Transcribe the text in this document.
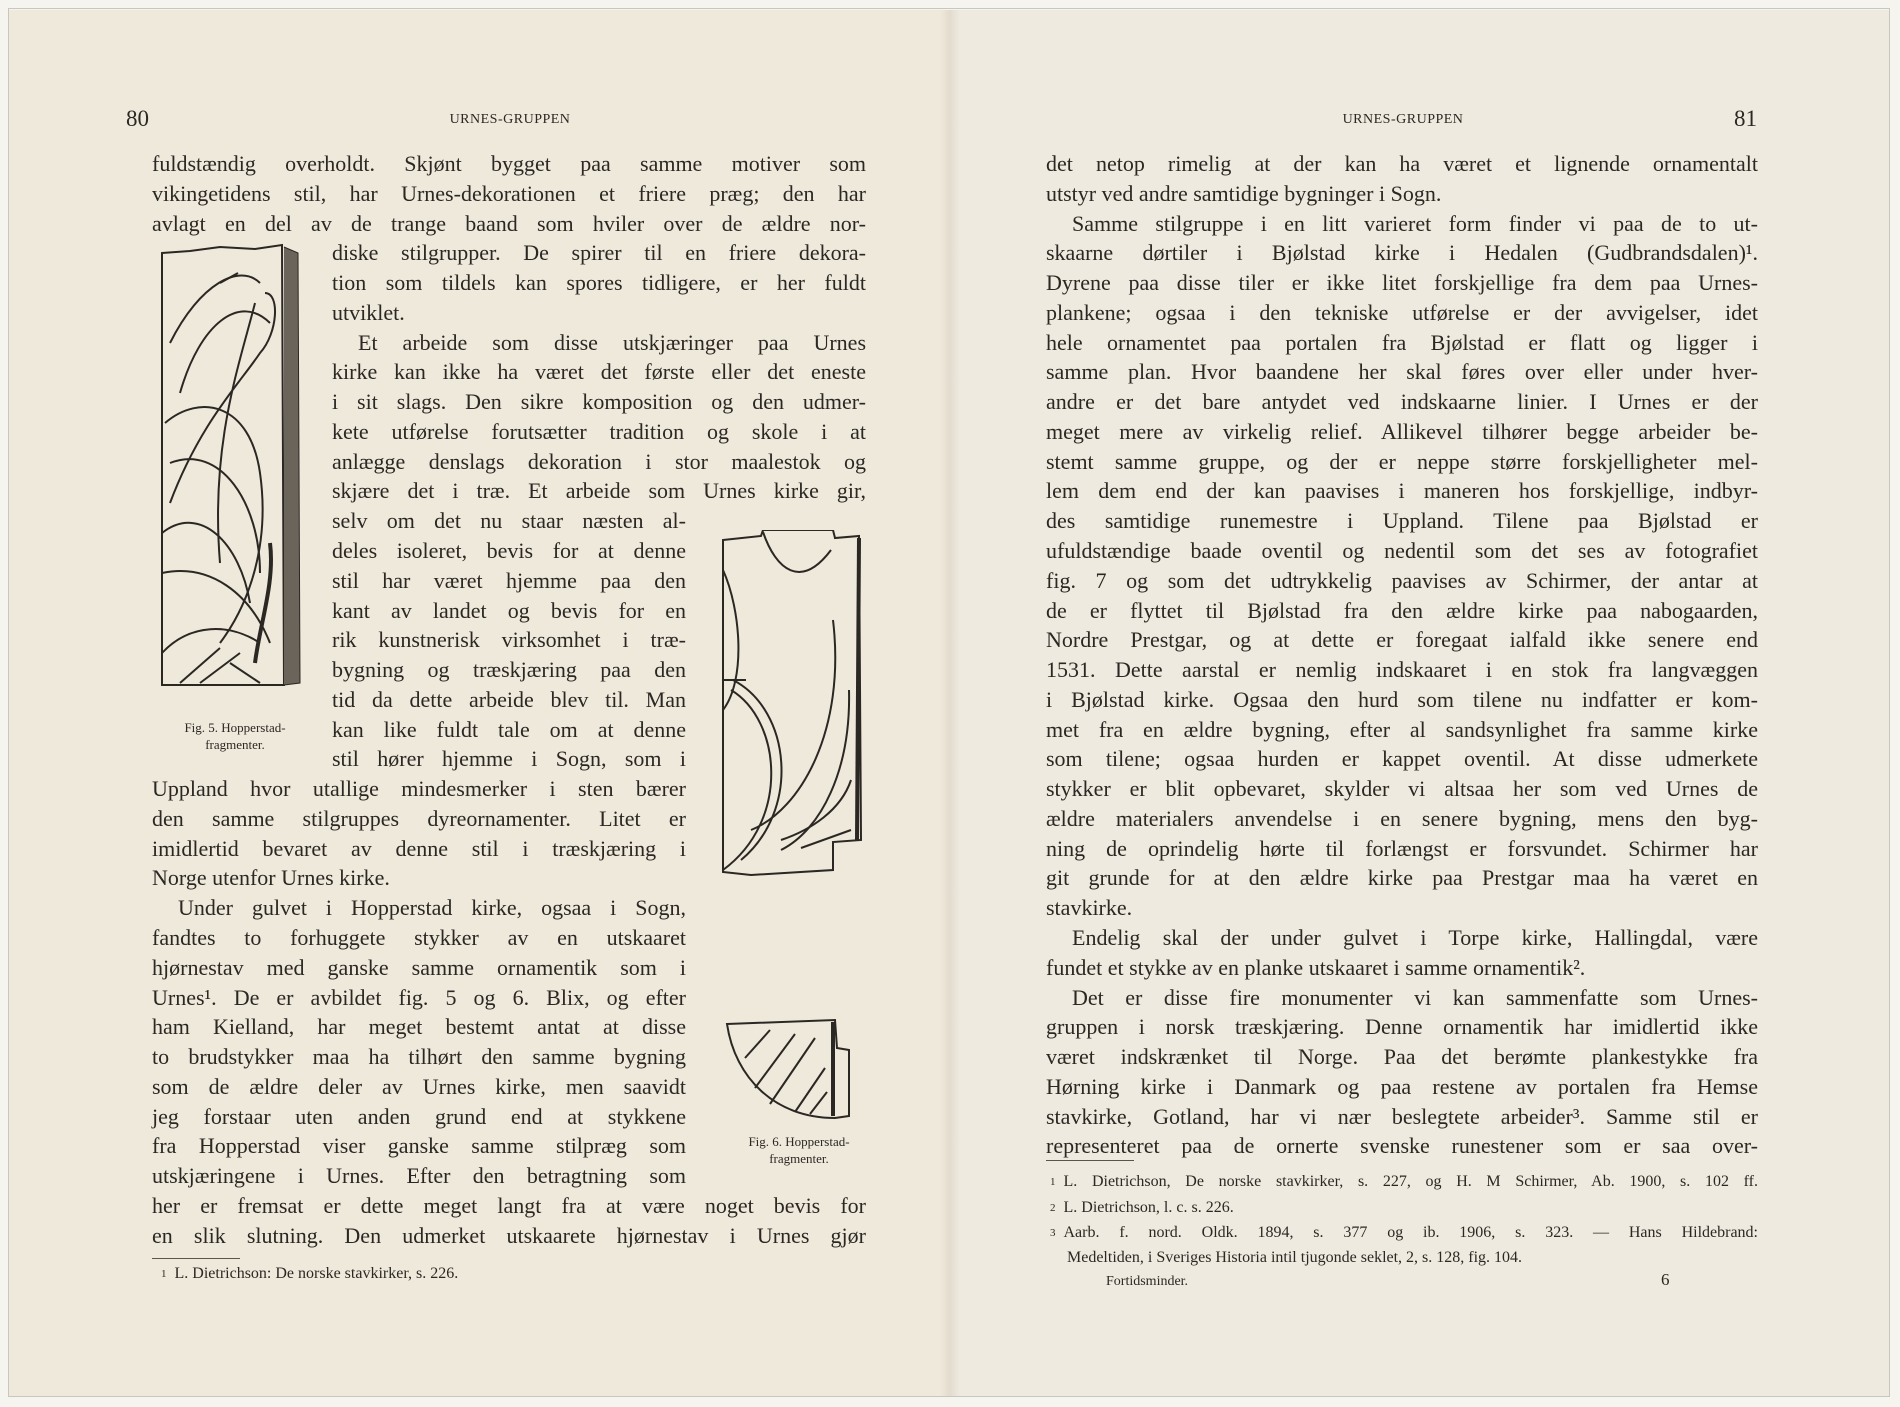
80	URNES-GRUPPEN
Fig. 5. Hopperstad-
fragmenter.
Fig. 6. Hopperstad-
fragmenter.
$^1$ L. Dietrichson: De norske stavkirker, s. 226.
fuldstændig overholdt. Skjønt bygget paa samme motiver som
vikingetidens stil, har Urnes-dekorationen et friere præg; den har
avlagt en del av de trange baand som hviler over de ældre nor-
diske stilgrupper. De spirer til en friere dekora-
tion som tildels kan spores tidligere, er her fuldt
utviklet.
Et arbeide som disse utskjæringer paa Urnes
kirke kan ikke ha været det første eller det eneste
i sit slags. Den sikre komposition og den udmer-
kete utførelse forutsætter tradition og skole i at
anlægge denslags dekoration i stor maalestok og
skjære det i træ. Et arbeide som Urnes kirke gir,
selv om det nu staar næsten al-
deles isoleret, bevis for at denne
stil har været hjemme paa den
kant av landet og bevis for en
rik kunstnerisk virksomhet i træ-
bygning og træskjæring paa den
tid da dette arbeide blev til. Man
kan like fuldt tale om at denne
stil hører hjemme i Sogn, som i
Uppland hvor utallige mindesmerker i sten bærer
den samme stilgruppes dyreornamenter. Litet er
imidlertid bevaret av denne stil i træskjæring i
Norge utenfor Urnes kirke.
Under gulvet i Hopperstad kirke, ogsaa i Sogn,
fandtes to forhuggete stykker av en utskaaret
hjørnestav med ganske samme ornamentik som i
Urnes¹. De er avbildet fig. 5 og 6. Blix, og efter
ham Kielland, har meget bestemt antat at disse
to brudstykker maa ha tilhørt den samme bygning
som de ældre deler av Urnes kirke, men saavidt
jeg forstaar uten anden grund end at stykkene
fra Hopperstad viser ganske samme stilpræg som
utskjæringene i Urnes. Efter den betragtning som
her er fremsat er dette meget langt fra at være noget bevis for
en slik slutning. Den udmerket utskaarete hjørnestav i Urnes gjør
URNES-GRUPPEN	81
$^1$ L. Dietrichson, De norske stavkirker, s. 227, og H. M Schirmer, Ab. 1900, s. 102 ff.
$^2$ L. Dietrichson, l. c. s. 226.
$^3$ Aarb. f. nord. Oldk. 1894, s. 377 og ib. 1906, s. 323. — Hans Hildebrand:
Medeltiden, i Sveriges Historia intil tjugonde seklet, 2, s. 128, fig. 104.
Fortidsminder.	6
det netop rimelig at der kan ha været et lignende ornamentalt
utstyr ved andre samtidige bygninger i Sogn.
Samme stilgruppe i en litt varieret form finder vi paa de to ut-
skaarne dørtiler i Bjølstad kirke i Hedalen (Gudbrandsdalen)¹.
Dyrene paa disse tiler er ikke litet forskjellige fra dem paa Urnes-
plankene; ogsaa i den tekniske utførelse er der avvigelser, idet
hele ornamentet paa portalen fra Bjølstad er flatt og ligger i
samme plan. Hvor baandene her skal føres over eller under hver-
andre er det bare antydet ved indskaarne linier. I Urnes er der
meget mere av virkelig relief. Allikevel tilhører begge arbeider be-
stemt samme gruppe, og der er neppe større forskjelligheter mel-
lem dem end der kan paavises i maneren hos forskjellige, indbyr-
des samtidige runemestre i Uppland. Tilene paa Bjølstad er
ufuldstændige baade oventil og nedentil som det ses av fotografiet
fig. 7 og som det udtrykkelig paavises av Schirmer, der antar at
de er flyttet til Bjølstad fra den ældre kirke paa nabogaarden,
Nordre Prestgar, og at dette er foregaat ialfald ikke senere end
1531. Dette aarstal er nemlig indskaaret i en stok fra langvæggen
i Bjølstad kirke. Ogsaa den hurd som tilene nu indfatter er kom-
met fra en ældre bygning, efter al sandsynlighet fra samme kirke
som tilene; ogsaa hurden er kappet oventil. At disse udmerkete
stykker er blit opbevaret, skylder vi altsaa her som ved Urnes de
ældre materialers anvendelse i en senere bygning, mens den byg-
ning de oprindelig hørte til forlængst er forsvundet. Schirmer har
git grunde for at den ældre kirke paa Prestgar maa ha været en
stavkirke.
Endelig skal der under gulvet i Torpe kirke, Hallingdal, være
fundet et stykke av en planke utskaaret i samme ornamentik².
Det er disse fire monumenter vi kan sammenfatte som Urnes-
gruppen i norsk træskjæring. Denne ornamentik har imidlertid ikke
været indskrænket til Norge. Paa det berømte plankestykke fra
Hørning kirke i Danmark og paa restene av portalen fra Hemse
stavkirke, Gotland, har vi nær beslegtete arbeider³. Samme stil er
representeret paa de ornerte svenske runestener som er saa over-
